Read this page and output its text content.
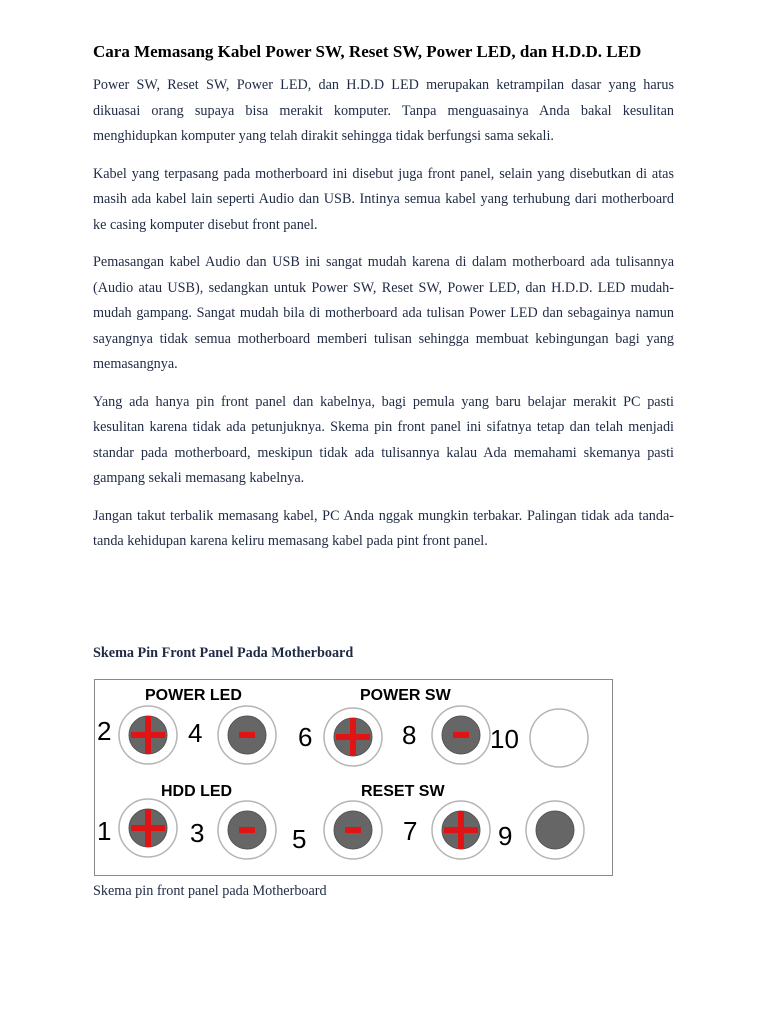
Cara Memasang Kabel Power SW, Reset SW, Power LED, dan H.D.D. LED

Power SW, Reset SW, Power LED, dan H.D.D LED merupakan ketrampilan dasar yang harus dikuasai orang supaya bisa merakit komputer. Tanpa menguasainya Anda bakal kesulitan menghidupkan komputer yang telah dirakit sehingga tidak berfungsi sama sekali.

Kabel yang terpasang pada motherboard ini disebut juga front panel, selain yang disebutkan di atas masih ada kabel lain seperti Audio dan USB. Intinya semua kabel yang terhubung dari motherboard ke casing komputer disebut front panel.

Pemasangan kabel Audio dan USB ini sangat mudah karena di dalam motherboard ada tulisannya (Audio atau USB), sedangkan untuk Power SW, Reset SW, Power LED, dan H.D.D. LED mudah-mudah gampang. Sangat mudah bila di motherboard ada tulisan Power LED dan sebagainya namun sayangnya tidak semua motherboard memberi tulisan sehingga membuat kebingungan bagi yang memasangnya.

Yang ada hanya pin front panel dan kabelnya, bagi pemula yang baru belajar merakit PC pasti kesulitan karena tidak ada petunjuknya. Skema pin front panel ini sifatnya tetap dan telah menjadi standar pada motherboard, meskipun tidak ada tulisannya kalau Ada memahami skemanya pasti gampang sekali memasang kabelnya.

Jangan takut terbalik memasang kabel, PC Anda nggak mungkin terbakar. Palingan tidak ada tanda-tanda kehidupan karena keliru memasang kabel pada pint front panel.

Skema Pin Front Panel Pada Motherboard
POWER LED	POWER SW
HDD LED	RESET SW
1
2
3
4
5
6
7
8
9
10

Skema pin front panel pada Motherboard
